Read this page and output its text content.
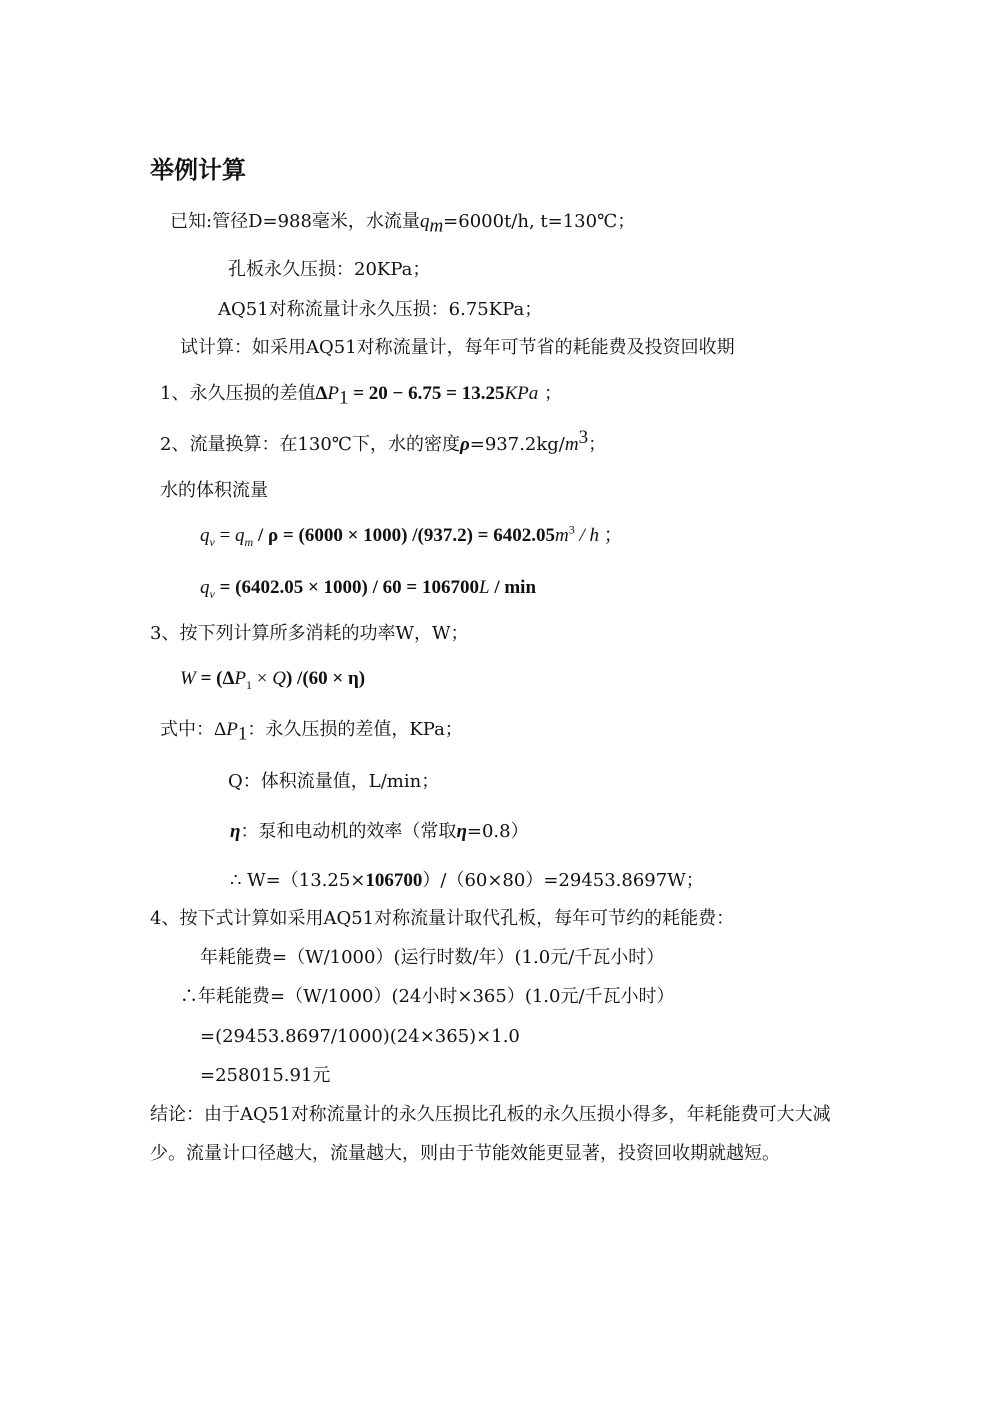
举例计算
已知:管径D=988毫米，水流量$q_m=6000t/h$, t=130℃；
孔板永久压损：20KPa；
AQ51对称流量计永久压损：6.75KPa；
试计算：如采用AQ51对称流量计，每年可节省的耗能费及投资回收期
1、永久压损的差值$\Delta P_1 = 20 - 6.75 = 13.25KPa$ ；
2、流量换算：在130℃下，水的密度$\rho=937.2kg/m^3$；
水的体积流量
$q_v = q_m / \rho = (6000 \times 1000) /(937.2) = 6402.05m^3 / h$ ；
$q_v = (6402.05 \times 1000) / 60 = 106700L / \min$
3、按下列计算所多消耗的功率W，W；
$W = (\Delta P_1 \times Q) /(60 \times \eta)$
式中：$\Delta P_1$：永久压损的差值，KPa；
Q：体积流量值，L/min；
η：泵和电动机的效率（常取η=0.8）
∴ W=（13.25×106700）/（60×80）=29453.8697W；
4、按下式计算如采用AQ51对称流量计取代孔板，每年可节约的耗能费：
年耗能费=（W/1000）(运行时数/年）(1.0元/千瓦小时）
∴年耗能费=（W/1000）(24小时×365）(1.0元/千瓦小时）
=(29453.8697/1000)(24×365)×1.0
=258015.91元
结论：由于AQ51对称流量计的永久压损比孔板的永久压损小得多，年耗能费可大大减少。流量计口径越大，流量越大，则由于节能效能更显著，投资回收期就越短。
